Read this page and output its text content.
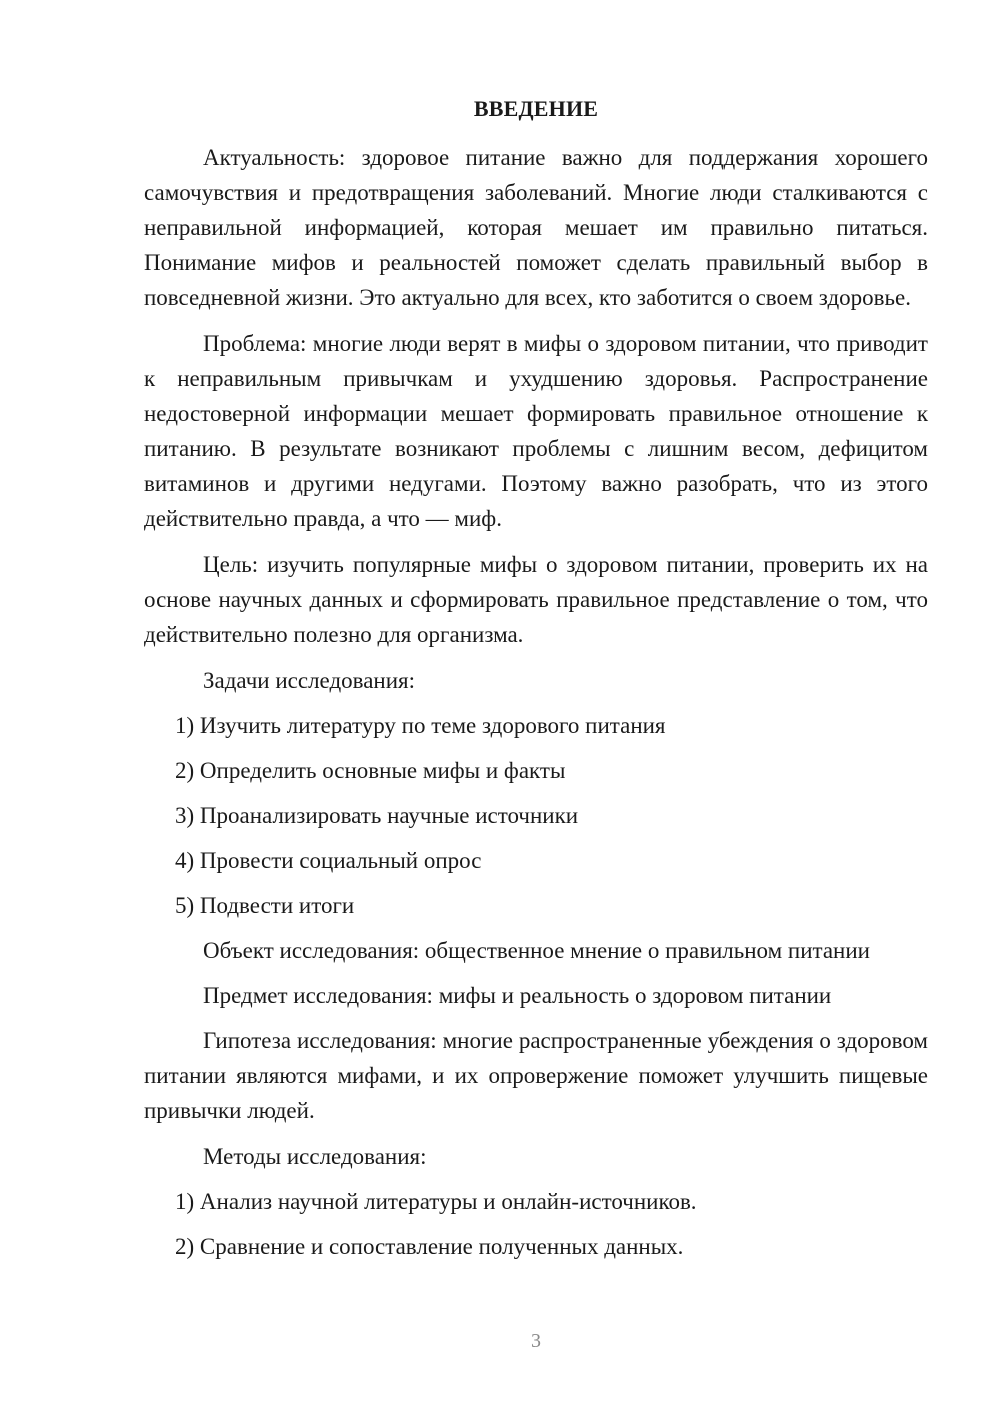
ВВЕДЕНИЕ

Актуальность: здоровое питание важно для поддержания хорошего самочувствия и предотвращения заболеваний. Многие люди сталкиваются с неправильной информацией, которая мешает им правильно питаться. Понимание мифов и реальностей поможет сделать правильный выбор в повседневной жизни. Это актуально для всех, кто заботится о своем здоровье.

Проблема: многие люди верят в мифы о здоровом питании, что приводит к неправильным привычкам и ухудшению здоровья. Распространение недостоверной информации мешает формировать правильное отношение к питанию. В результате возникают проблемы с лишним весом, дефицитом витаминов и другими недугами. Поэтому важно разобрать, что из этого действительно правда, а что — миф.

Цель: изучить популярные мифы о здоровом питании, проверить их на основе научных данных и сформировать правильное представление о том, что действительно полезно для организма.

Задачи исследования:
1) Изучить литературу по теме здорового питания
2) Определить основные мифы и факты
3) Проанализировать научные источники
4) Провести социальный опрос
5) Подвести итоги
Объект исследования: общественное мнение о правильном питании
Предмет исследования: мифы и реальность о здоровом питании

Гипотеза исследования: многие распространенные убеждения о здоровом питании являются мифами, и их опровержение поможет улучшить пищевые привычки людей.

Методы исследования:
1) Анализ научной литературы и онлайн-источников.
2) Сравнение и сопоставление полученных данных.
3
